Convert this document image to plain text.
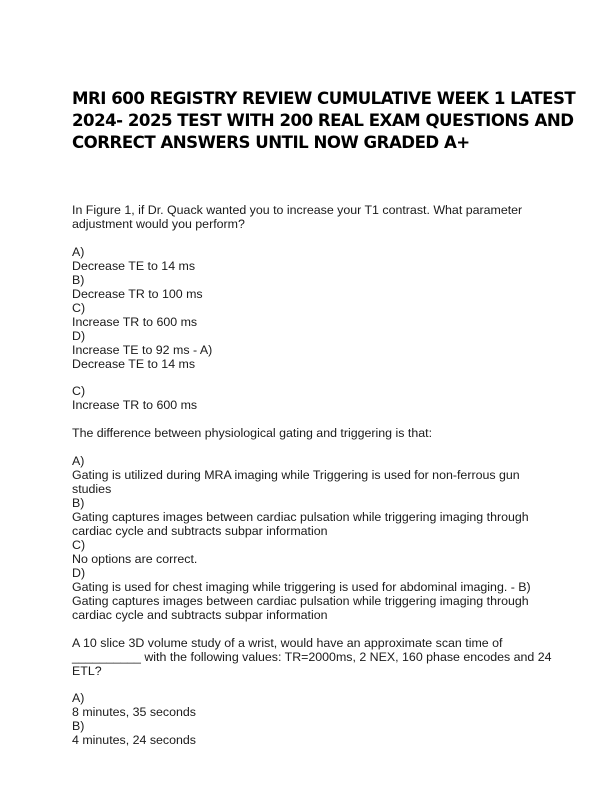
MRI 600 REGISTRY REVIEW CUMULATIVE WEEK 1 LATEST
2024- 2025 TEST WITH 200 REAL EXAM QUESTIONS AND
CORRECT ANSWERS UNTIL NOW GRADED A+
In Figure 1, if Dr. Quack wanted you to increase your T1 contrast. What parameter
adjustment would you perform?
A)
Decrease TE to 14 ms
B)
Decrease TR to 100 ms
C)
Increase TR to 600 ms
D)
Increase TE to 92 ms - A)
Decrease TE to 14 ms
C)
Increase TR to 600 ms
The difference between physiological gating and triggering is that:
A)
Gating is utilized during MRA imaging while Triggering is used for non-ferrous gun
studies
B)
Gating captures images between cardiac pulsation while triggering imaging through
cardiac cycle and subtracts subpar information
C)
No options are correct.
D)
Gating is used for chest imaging while triggering is used for abdominal imaging. - B)
Gating captures images between cardiac pulsation while triggering imaging through
cardiac cycle and subtracts subpar information
A 10 slice 3D volume study of a wrist, would have an approximate scan time of
__________ with the following values: TR=2000ms, 2 NEX, 160 phase encodes and 24
ETL?
A)
8 minutes, 35 seconds
B)
4 minutes, 24 seconds
